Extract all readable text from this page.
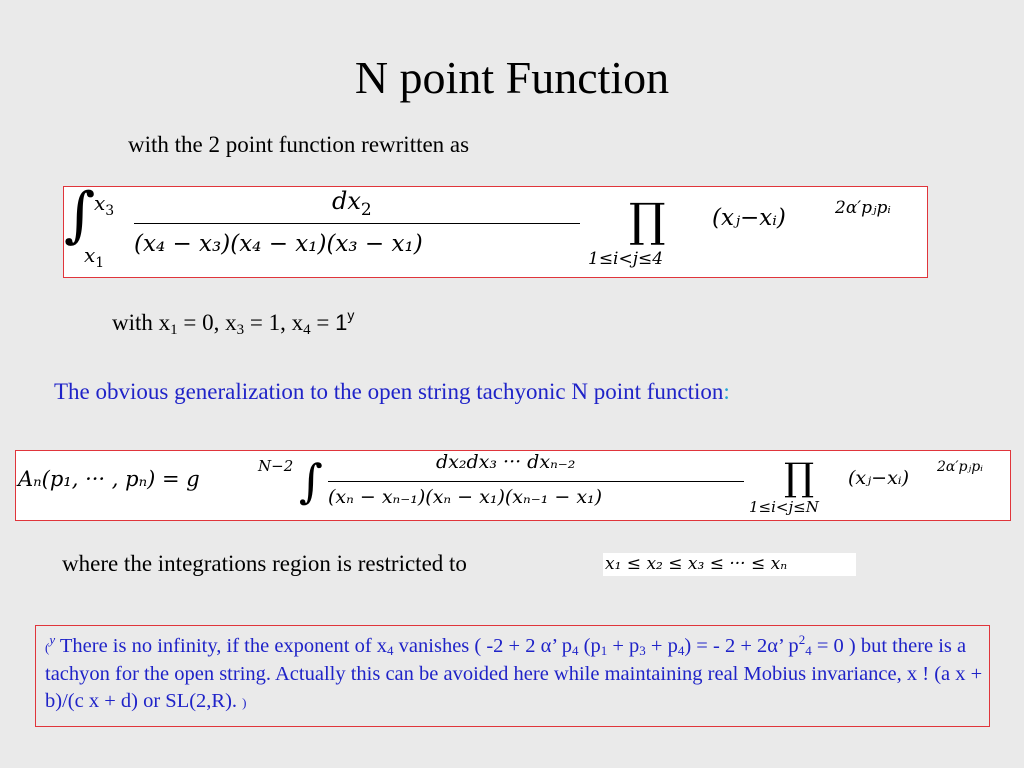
N point Function
with the 2 point function rewritten as
∫
$x_3$
$x_1$
$dx_2$
(x₄ − x₃)(x₄ − x₁)(x₃ − x₁)	∏
1≤i<j≤4
(xⱼ−xᵢ)	2α′pⱼpᵢ
with $x_1 = 0$, $x_3 = 1$, $x_4 = 1^y$
The obvious generalization to the open string tachyonic N point function:
Aₙ(p₁, ··· , pₙ) = g
N−2 ∫	dx₂dx₃ ··· dxₙ₋₂
(xₙ − xₙ₋₁)(xₙ − x₁)(xₙ₋₁ − x₁)	∏
1≤i<j≤N
(xⱼ−xᵢ) 2α′pⱼpᵢ
where the integrations region is restricted to	x₁ ≤ x₂ ≤ x₃ ≤ ··· ≤ xₙ
($^y$ There is no infinity, if the exponent of $x_4$ vanishes ( -2 + 2 α’ $p_4$ $(p_1 + p_3 + p_4)$ = - 2 + 2α’ $p^2_4 = 0$ ) but there is a tachyon for the open string. Actually this can be avoided here while maintaining real Mobius invariance, x ! (a x + b)/(c x + d) or SL(2,R). )
